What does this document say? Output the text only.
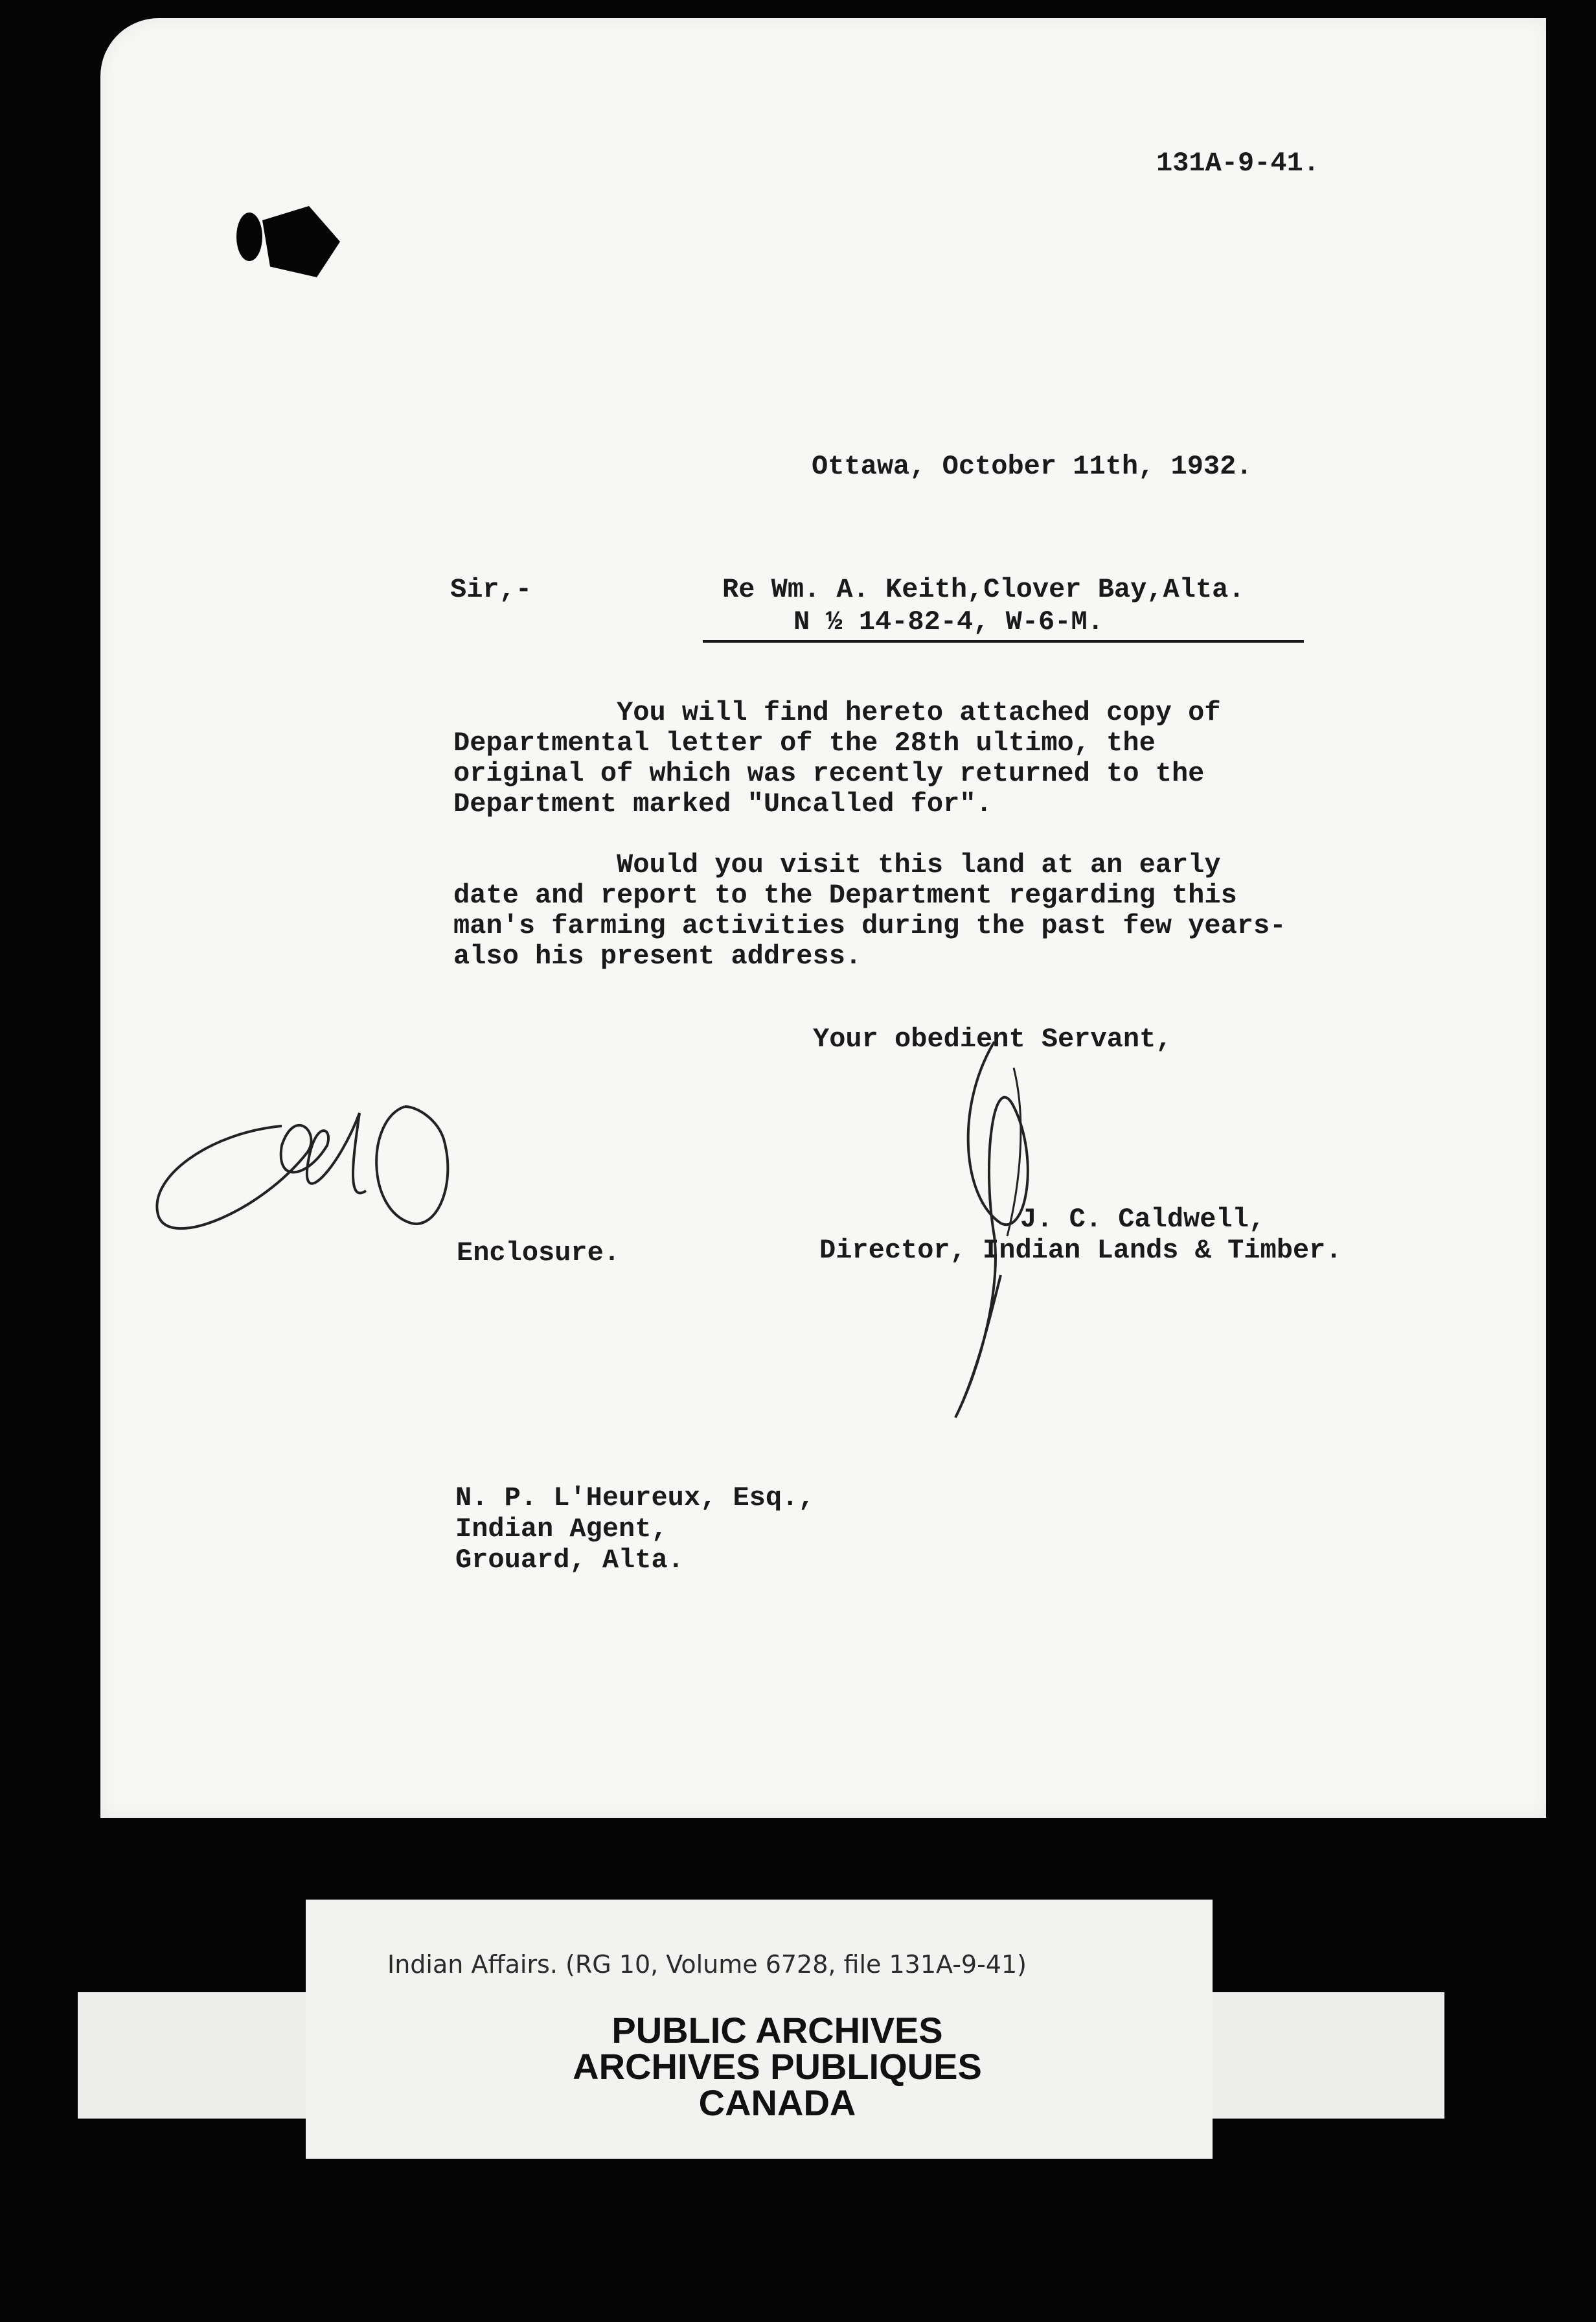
131A-9-41.
Ottawa, October 11th, 1932.
Sir,-	Re Wm. A. Keith,Clover Bay,Alta.
N ½ 14-82-4, W-6-M.
You will find hereto attached copy of
Departmental letter of the 28th ultimo, the
original of which was recently returned to the
Department marked "Uncalled for".
Would you visit this land at an early
date and report to the Department regarding this
man's farming activities during the past few years-
also his present address.
Your obedient Servant,
J. C. Caldwell,
Director, Indian Lands & Timber.
Enclosure.
N. P. L'Heureux, Esq.,
Indian Agent,
Grouard, Alta.
Indian Affairs. (RG 10, Volume 6728, file 131A-9-41)
PUBLIC ARCHIVES
ARCHIVES PUBLIQUES
CANADA
